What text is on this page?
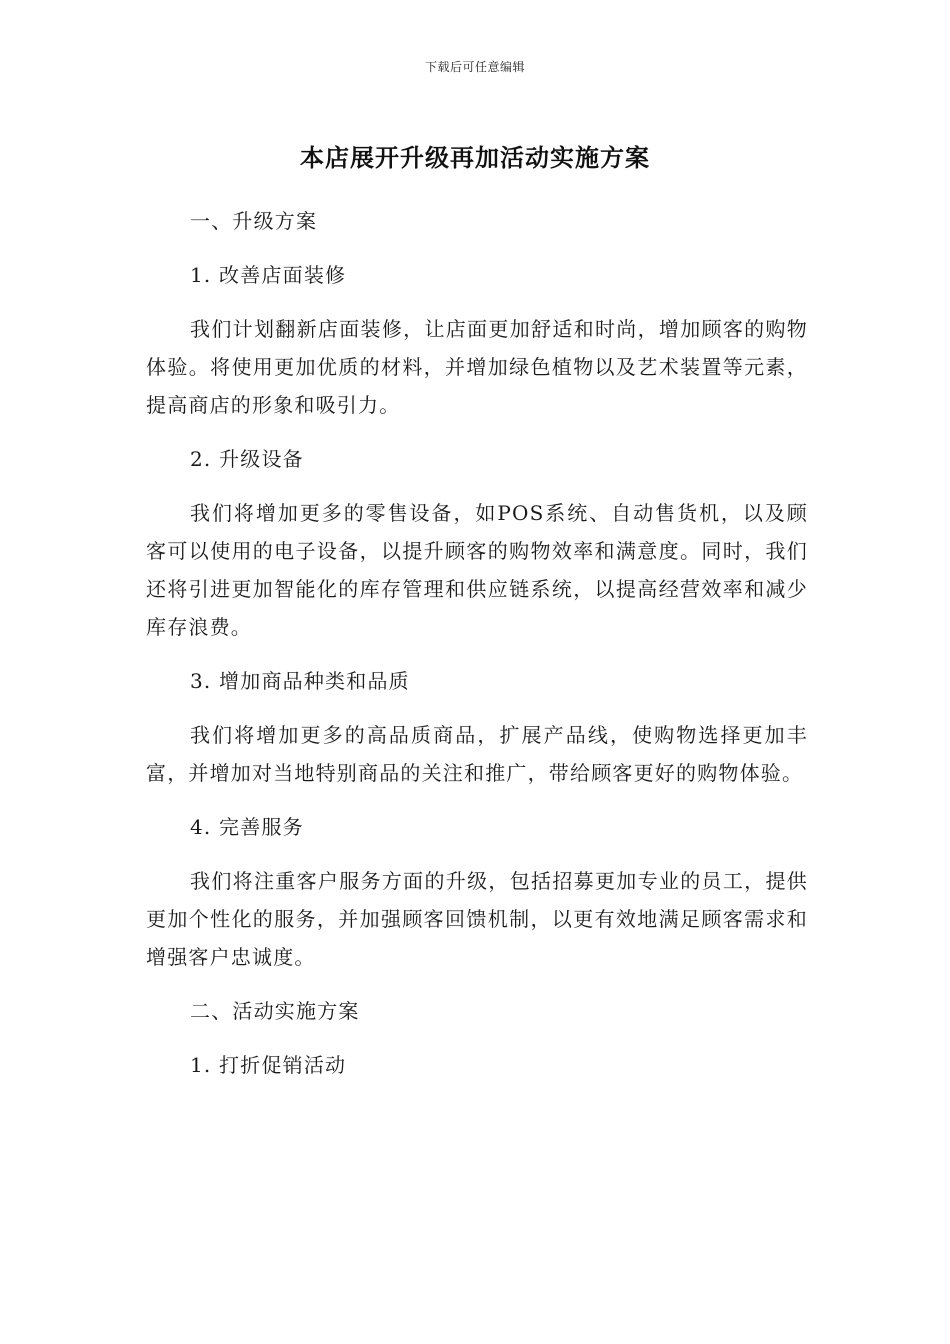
下载后可任意编辑
本店展开升级再加活动实施方案

一、升级方案

1. 改善店面装修

我们计划翻新店面装修，让店面更加舒适和时尚，增加顾客的购物体验。将使用更加优质的材料，并增加绿色植物以及艺术装置等元素，提高商店的形象和吸引力。

2. 升级设备

我们将增加更多的零售设备，如POS系统、自动售货机，以及顾客可以使用的电子设备，以提升顾客的购物效率和满意度。同时，我们还将引进更加智能化的库存管理和供应链系统，以提高经营效率和减少库存浪费。

3. 增加商品种类和品质

我们将增加更多的高品质商品，扩展产品线，使购物选择更加丰富，并增加对当地特别商品的关注和推广，带给顾客更好的购物体验。

4. 完善服务

我们将注重客户服务方面的升级，包括招募更加专业的员工，提供更加个性化的服务，并加强顾客回馈机制，以更有效地满足顾客需求和增强客户忠诚度。

二、活动实施方案

1. 打折促销活动
